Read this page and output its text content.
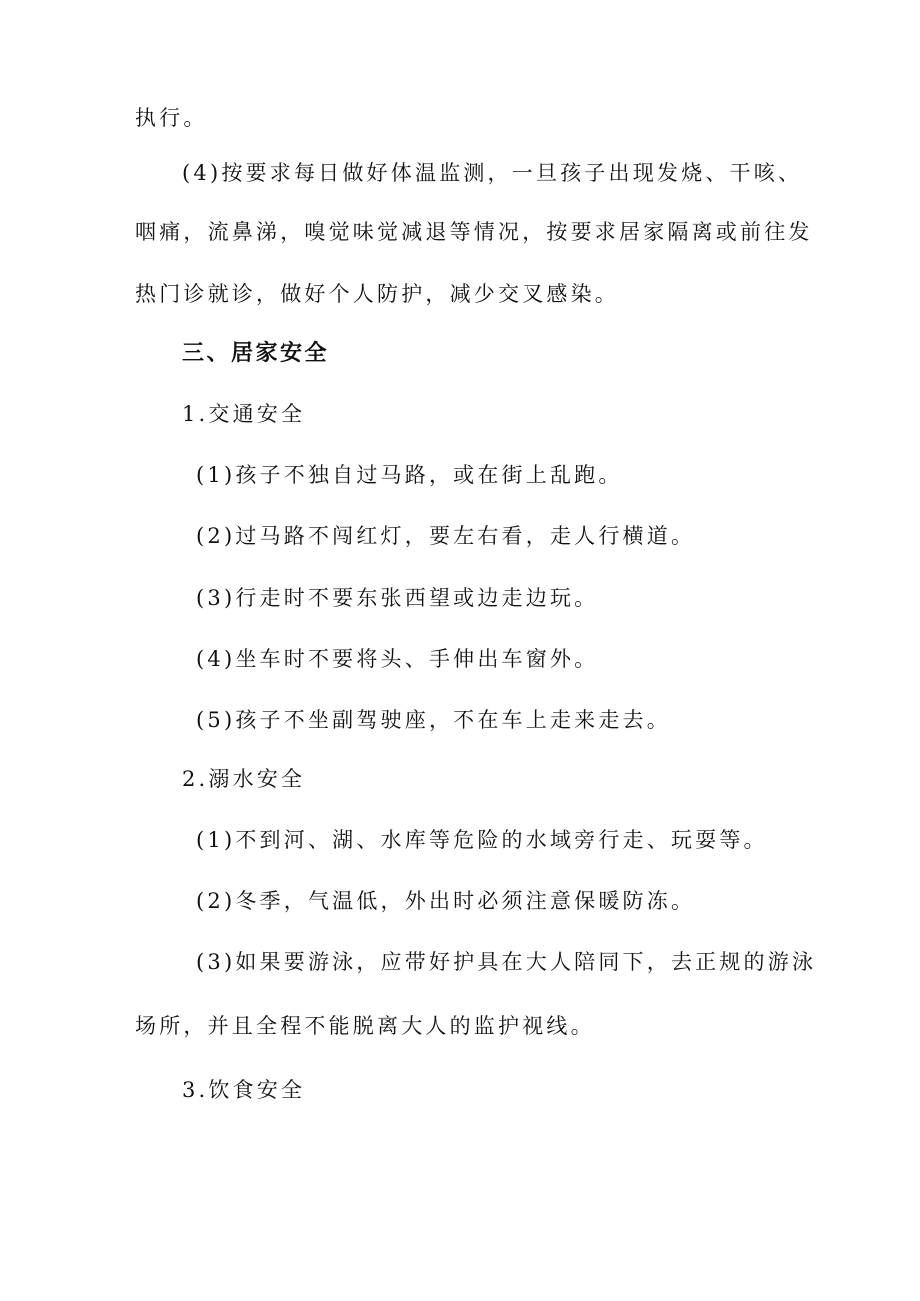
执行。
(4)按要求每日做好体温监测，一旦孩子出现发烧、干咳、
咽痛，流鼻涕，嗅觉味觉减退等情况，按要求居家隔离或前往发
热门诊就诊，做好个人防护，减少交叉感染。
三、居家安全
1.交通安全
(1)孩子不独自过马路，或在街上乱跑。
(2)过马路不闯红灯，要左右看，走人行横道。
(3)行走时不要东张西望或边走边玩。
(4)坐车时不要将头、手伸出车窗外。
(5)孩子不坐副驾驶座，不在车上走来走去。
2.溺水安全
(1)不到河、湖、水库等危险的水域旁行走、玩耍等。
(2)冬季，气温低，外出时必须注意保暖防冻。
(3)如果要游泳，应带好护具在大人陪同下，去正规的游泳
场所，并且全程不能脱离大人的监护视线。
3.饮食安全
